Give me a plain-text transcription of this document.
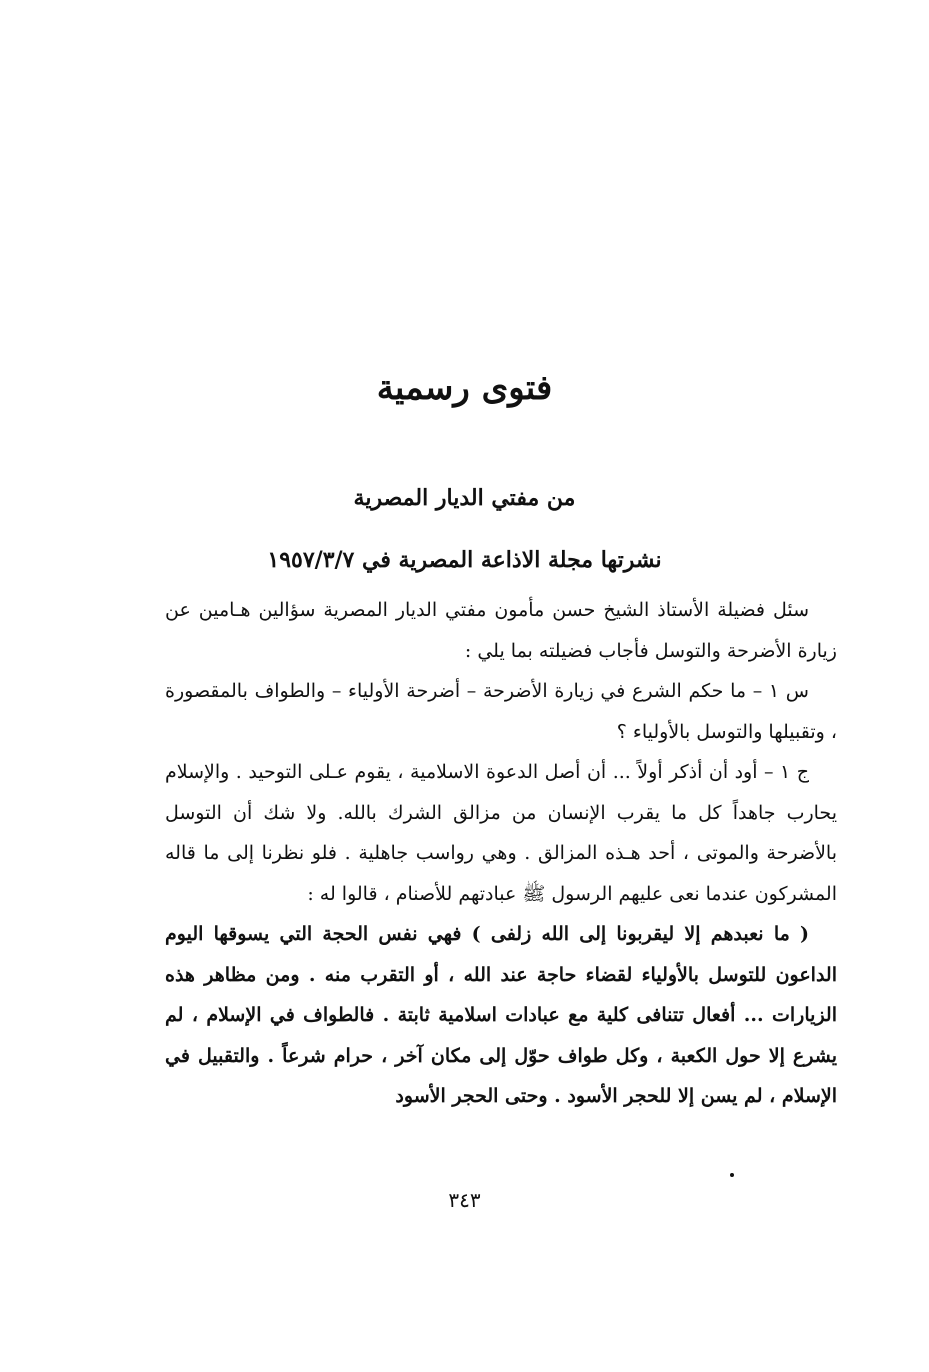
فتوى رسمية
من مفتي الديار المصرية
نشرتها مجلة الاذاعة المصرية في ١٩٥٧/٣/٧

سئل فضيلة الأستاذ الشيخ حسن مأمون مفتي الديار المصرية سؤالين هـامين عن زيارة الأضرحة والتوسل فأجاب فضيلته بما يلي :

س ١ – ما حكم الشرع في زيارة الأضرحة – أضرحة الأولياء – والطواف بالمقصورة ، وتقبيلها والتوسل بالأولياء ؟

ج ١ – أود أن أذكر أولاً ... أن أصل الدعوة الاسلامية ، يقوم عـلى التوحيد . والإسلام يحارب جاهداً كل ما يقرب الإنسان من مزالق الشرك بالله. ولا شك أن التوسل بالأضرحة والموتى ، أحد هـذه المزالق . وهي رواسب جاهلية . فلو نظرنا إلى ما قاله المشركون عندما نعى عليهم الرسول ﷺ عبادتهم للأصنام ، قالوا له :

( ما نعبدهم إلا ليقربونا إلى الله زلفى ) فهي نفس الحجة التي يسوقها اليوم الداعون للتوسل بالأولياء لقضاء حاجة عند الله ، أو التقرب منه . ومن مظاهر هذه الزيارات ... أفعال تتنافى كلية مع عبادات اسلامية ثابتة . فالطواف في الإسلام ، لم يشرع إلا حول الكعبة ، وكل طواف حوّل إلى مكان آخر ، حرام شرعاً . والتقبيل في الإسلام ، لم يسن إلا للحجر الأسود . وحتى الحجر الأسود

٣٤٣
